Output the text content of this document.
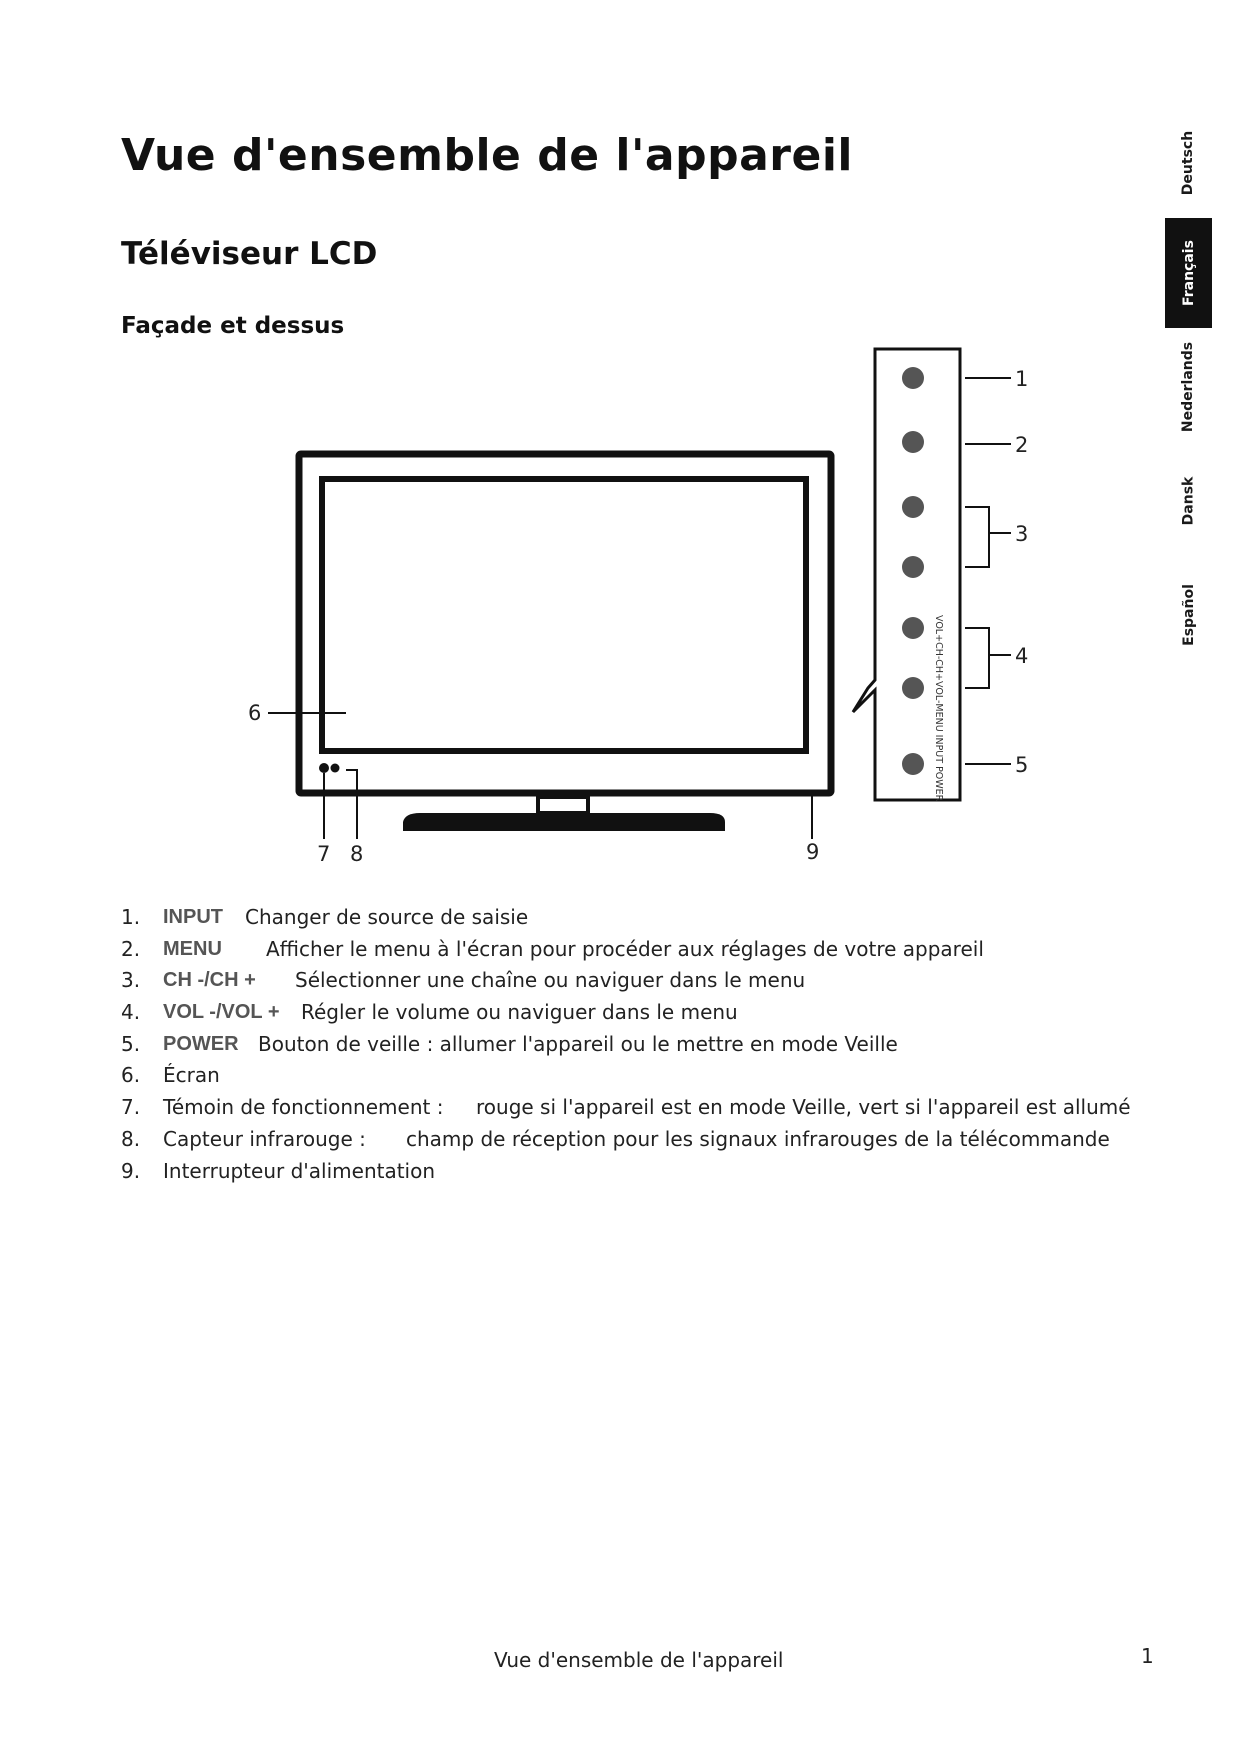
Vue d'ensemble de l'appareil
Téléviseur LCD
Façade et dessus
Deutsch
Français
Nederlands
Dansk
Español
VOL+CH-CH+VOL-MENUINPUTPOWER
1
2
3
4
5
6
7 8	9
1. INPUT Changer de source de saisie
2. MENU Afficher le menu à l'écran pour procéder aux réglages de votre appareil
3. CH -/CH + Sélectionner une chaîne ou naviguer dans le menu
4. VOL -/VOL + Régler le volume ou naviguer dans le menu
5. POWER Bouton de veille : allumer l'appareil ou le mettre en mode Veille
6. Écran
7. Témoin de fonctionnement : rouge si l'appareil est en mode Veille, vert si l'appareil est allumé
8. Capteur infrarouge : champ de réception pour les signaux infrarouges de la télécommande
9. Interrupteur d'alimentation
Vue d'ensemble de l'appareil	1
